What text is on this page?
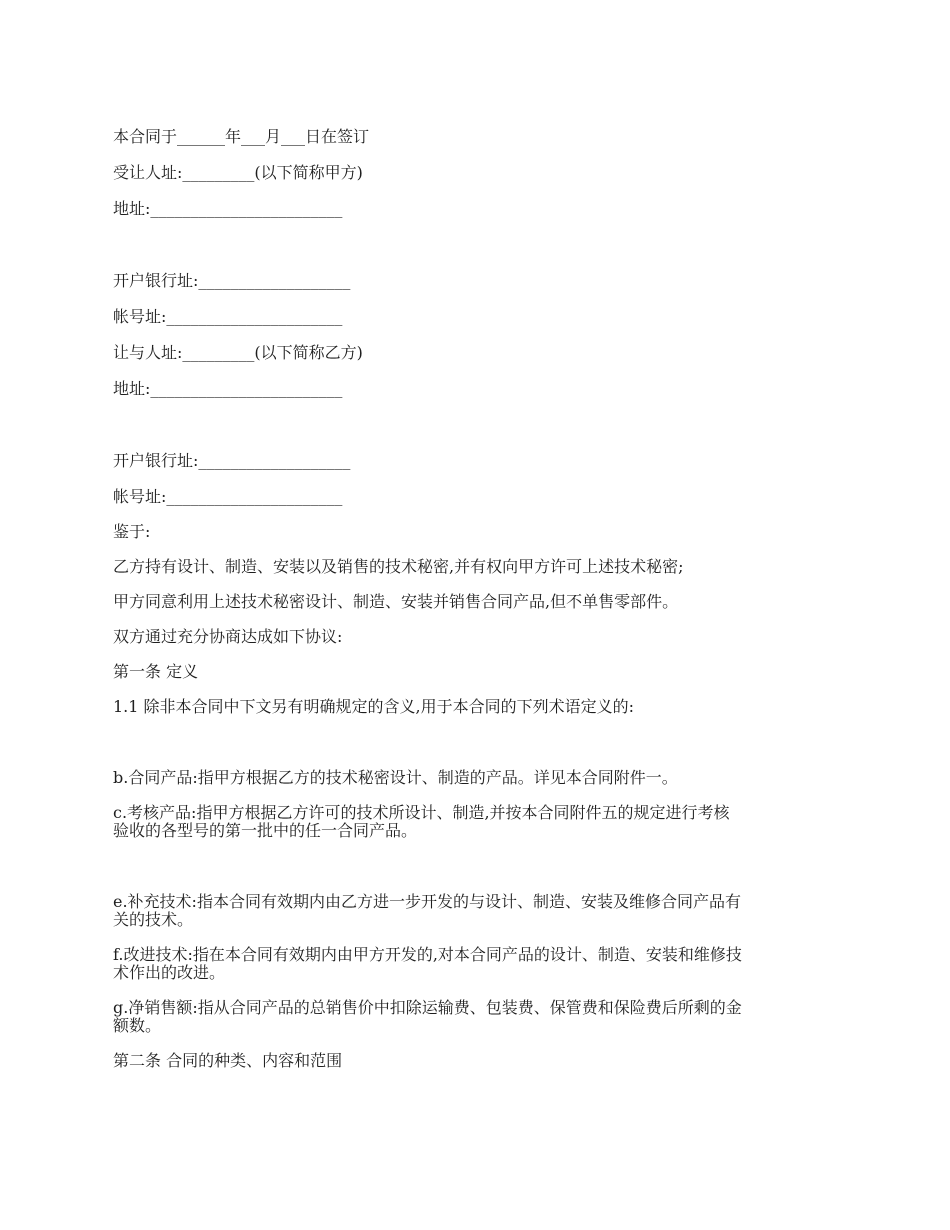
本合同于______年___月___日在签订

受让人址:_________(以下简称甲方)

地址:________________________

开户银行址:___________________

帐号址:______________________

让与人址:_________(以下简称乙方)

地址:________________________

开户银行址:___________________

帐号址:______________________

鉴于:

乙方持有设计、制造、安装以及销售的技术秘密,并有权向甲方许可上述技术秘密;

甲方同意利用上述技术秘密设计、制造、安装并销售合同产品,但不单售零部件。

双方通过充分协商达成如下协议:

第一条 定义

1.1 除非本合同中下文另有明确规定的含义,用于本合同的下列术语定义的:

b.合同产品:指甲方根据乙方的技术秘密设计、制造的产品。详见本合同附件一。

c.考核产品:指甲方根据乙方许可的技术所设计、制造,并按本合同附件五的规定进行考核

验收的各型号的第一批中的任一合同产品。

e.补充技术:指本合同有效期内由乙方进一步开发的与设计、制造、安装及维修合同产品有

关的技术。

f.改进技术:指在本合同有效期内由甲方开发的,对本合同产品的设计、制造、安装和维修技

术作出的改进。

g.净销售额:指从合同产品的总销售价中扣除运输费、包装费、保管费和保险费后所剩的金

额数。

第二条 合同的种类、内容和范围
